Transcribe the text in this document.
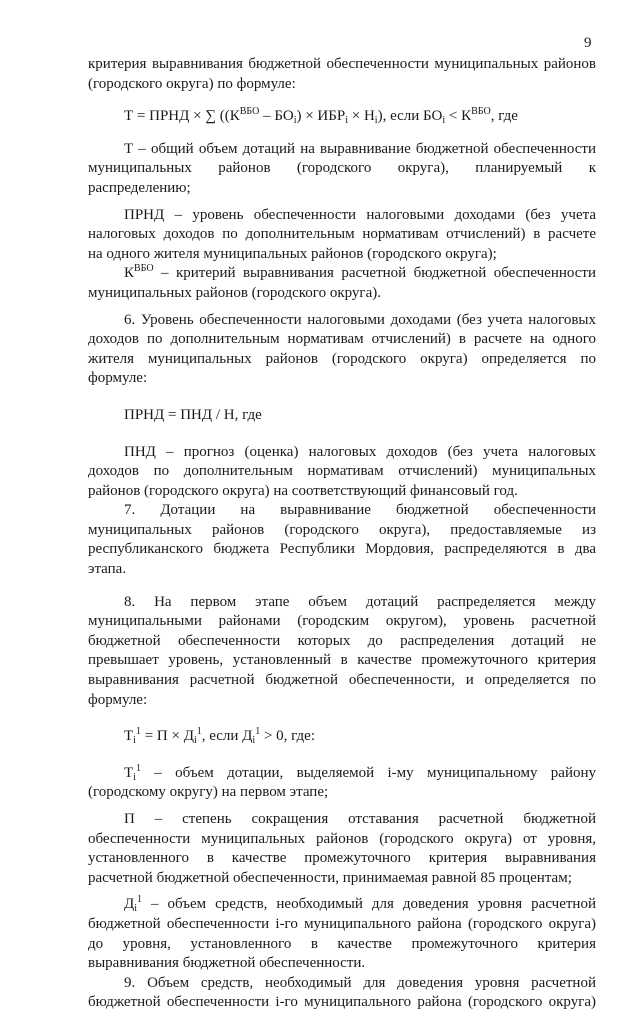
9

критерия выравнивания бюджетной обеспеченности муниципальных районов

(городского округа) по формуле:

Т = ПРНД × ∑ $((К^{ВБО} - БО_i) \times ИБР_i \times Н_i)$, если $БО_i < К^{ВБО}$, где

Т – общий объем дотаций на выравнивание бюджетной обеспеченности

муниципальных районов (городского округа), планируемый к

распределению;

ПРНД – уровень обеспеченности налоговыми доходами (без учета

налоговых доходов по дополнительным нормативам отчислений) в расчете

на одного жителя муниципальных районов (городского округа);

$К^{ВБО}$ – критерий выравнивания расчетной бюджетной обеспеченности

муниципальных районов (городского округа).

6. Уровень обеспеченности налоговыми доходами (без учета налоговых

доходов по дополнительным нормативам отчислений) в расчете на одного

жителя муниципальных районов (городского округа) определяется по

формуле:

ПРНД = ПНД / Н, где

ПНД – прогноз (оценка) налоговых доходов (без учета налоговых

доходов по дополнительным нормативам отчислений) муниципальных

районов (городского округа) на соответствующий финансовый год.

7. Дотации на выравнивание бюджетной обеспеченности

муниципальных районов (городского округа), предоставляемые из

республиканского бюджета Республики Мордовия, распределяются в два

этапа.

8. На первом этапе объем дотаций распределяется между

муниципальными районами (городским округом), уровень расчетной

бюджетной обеспеченности которых до распределения дотаций не

превышает уровень, установленный в качестве промежуточного критерия

выравнивания расчетной бюджетной обеспеченности, и определяется по

формуле:

$Т_i^1 = П \times Д_i^1$, если $Д_i^1 > 0$, где:

$Т_i^1$ – объем дотации, выделяемой i-му муниципальному району

(городскому округу) на первом этапе;

П – степень сокращения отставания расчетной бюджетной

обеспеченности муниципальных районов (городского округа) от уровня,

установленного в качестве промежуточного критерия выравнивания

расчетной бюджетной обеспеченности, принимаемая равной 85 процентам;

$Д_i^1$ – объем средств, необходимый для доведения уровня расчетной

бюджетной обеспеченности i-го муниципального района (городского округа)

до уровня, установленного в качестве промежуточного критерия

выравнивания бюджетной обеспеченности.

9. Объем средств, необходимый для доведения уровня расчетной

бюджетной обеспеченности i-го муниципального района (городского округа)
